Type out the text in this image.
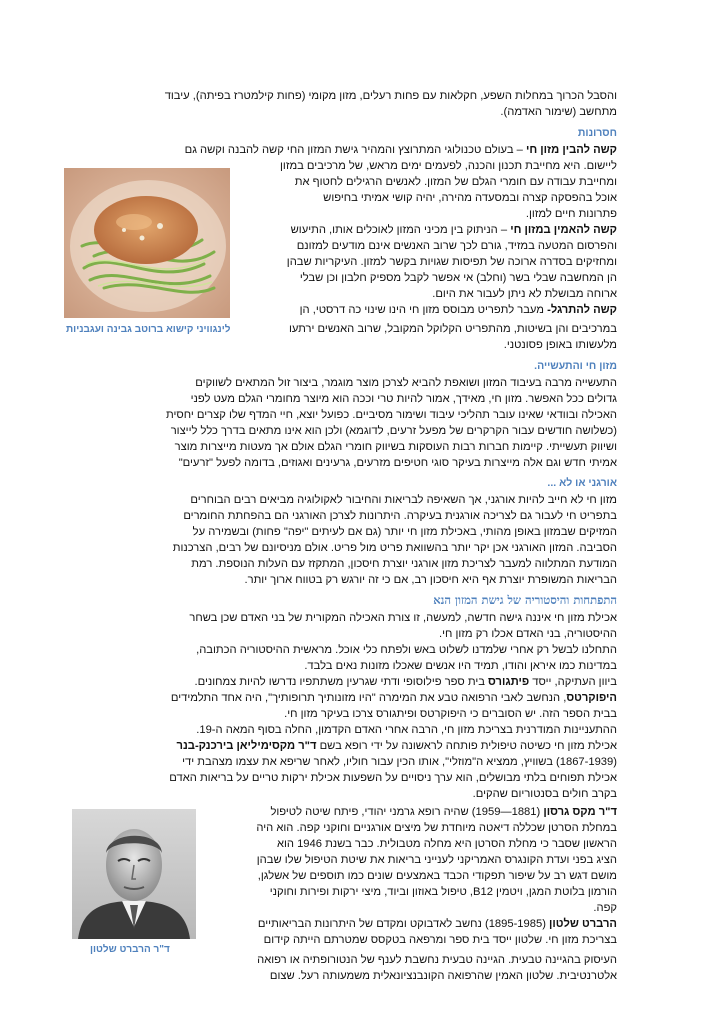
והסבל הכרוך במחלות השפע, חקלאות עם פחות רעלים, מזון מקומי (פחות קילמטרז בפיתה), עיבוד
מתחשב (שימור האדמה).
חסרונות
קשה להבין מזון חי – בעולם טכנולוגי המתרוצץ והמהיר גישת המזון החי קשה להבנה וקשה גם
ליישום. היא מחייבת תכנון והכנה, לפעמים ימים מראש, של מרכיבים במזון
ומחייבת עבודה עם חומרי הגלם של המזון. לאנשים הרגילים לחטוף את
אוכל בהפסקה קצרה ובמסעדה מהירה, יהיה קושי אמיתי בחיפוש
פתרונות חיים למזון.
קשה להאמין במזון חי – הניתוק בין מכיני המזון לאוכלים אותו, התיעוש
והפרסום המטעה במזיד, גורם לכך שרוב האנשים אינם מודעים למזונם
ומחזיקים בסדרה ארוכה של תפיסות שגויות בקשר למזון. העיקריות שבהן
הן המחשבה שבלי בשר (וחלב) אי אפשר לקבל מספיק חלבון וכן שבלי
ארוחה מבושלת לא ניתן לעבור את היום.
קשה להתרגל- מעבר לתפריט מבוסס מזון חי הינו שינוי כה דרסטי, הן
במרכיבים והן בשיטות, מהתפריט הקלוקל המקובל, שרוב האנשים ירתעו
מלעשותו באופן פסונטני.
לינגוויני קישוא ברוטב גבינה ועגבניות
מזון חי והתעשייה.
התעשייה מרבה בעיבוד המזון ושואפת להביא לצרכן מוצר מוגמר, ביצור זול המתאים לשווקים
גדולים ככל האפשר. מזון חי, מאידך, אמור להיות טרי וככה הוא מיוצר מחומרי הגלם מעט לפני
האכילה ובוודאי שאינו עובר תהליכי עיבוד ושימור מסיביים. כפועל יוצא, חיי המדף שלו קצרים יחסית
(כשלושה חודשים עבור הקרקרים של מפעל זרעים, לדוגמא) ולכן הוא אינו מתאים בדרך כלל לייצור
ושיווק תעשייתי. קיימות חברות רבות העוסקות בשיווק חומרי הגלם אולם אך מעטות מייצרות מוצר
אמיתי חדש וגם אלה מייצרות בעיקר סוגי חטיפים מזרעים, גרעינים ואגוזים, בדומה לפעל "זרעים"
אורגני או לא ...
מזון חי לא חייב להיות אורגני, אך השאיפה לבריאות והחיבור לאקולוגיה מביאים רבים הבוחרים
בתפריט חי לעבור גם לצריכה אורגנית בעיקרה. היתרונות לצרכן האורגני הם בהפחתת החומרים
המזיקים שבמזון באופן מהותי, באכילת מזון חי יותר (גם אם לעיתים "יפה" פחות) ובשמירה על
הסביבה. המזון האורגני אכן יקר יותר בהשוואת פריט מול פריט. אולם מניסיונם של רבים, הצרכנות
המודעת המתלווה למעבר לצריכת מזון אורגני יוצרת חיסכון, המתקזז עם העלות הנוספת. רמת
הבריאות המשופרת יוצרת אף היא חיסכון רב, אם כי זה יורגש רק בטווח ארוך יותר.
התפתחות והיסטוריה של גישת המזון הנא
אכילת מזון חי איננה גישה חדשה, למעשה, זו צורת האכילה המקורית של בני האדם שכן בשחר
ההיסטוריה, בני האדם אכלו רק מזון חי.
התחלנו לבשל רק אחרי שלמדנו לשלוט באש ולפתח כלי אוכל. מראשית ההיסטוריה הכתובה,
במדינות כמו איראן והודו, תמיד היו אנשים שאכלו מזונות נאים בלבד.
ביוון העתיקה, ייסד פיתגורס בית ספר פילוסופי ודתי שגרעין משתתפיו נדרשו להיות צמחונים.
היפוקרטס, הנחשב לאבי הרפואה טבע את המימרה "היו מזונותיך תרופותיך", היה אחד התלמידים
בבית הספר הזה. יש הסוברים כי היפוקרטס ופיתגורס צרכו בעיקר מזון חי.
ההתעניינות המודרנית בצריכת מזון חי, הרבה אחרי האדם הקדמון, החלה בסוף המאה ה-19.
אכילת מזון חי כשיטה טיפולית פותחה לראשונה על ידי רופא בשם ד"ר מקסימיליאן בירכנק-בנר
(1867-1939) בשוויץ, ממציא ה"מוזלי", אותו הכין עבור חוליו, לאחר שריפא את עצמו מצהבת ידי
אכילת תפוחים בלתי מבושלים, הוא ערך ניסויים על השפעות אכילת ירקות טריים על בריאות האדם
בקרב חולים בסנטוריום שהקים.
ד"ר מקס גרסון (1881—1959) שהיה רופא גרמני יהודי, פיתח שיטה לטיפול
במחלת הסרטן שכללה דיאטה מיוחדת של מיצים אורגניים וחוקני קפה. הוא היה
הראשון שסבר כי מחלת הסרטן היא מחלה מטבולית. כבר בשנת 1946 הוא
הציג בפני ועדת הקונגרס האמריקני לענייני בריאות את שיטת הטיפול שלו שבהן
מושם דגש רב על שיפור תפקודי הכבד באמצעים שונים כמו תוספים של אשלגן,
הורמון בלוטת המגן, ויטמין B12, טיפול באוזון וביוד, מיצי ירקות ופירות וחוקני
קפה.
הרברט שלטון (1895-1985) נחשב לאדבוקט ומקדם של היתרונות הבריאותיים
בצריכת מזון חי. שלטון ייסד בית ספר ומרפאה בטקסס שמטרתם הייתה קידום
העיסוק בהגיינה טבעית. הגיינה טבעית נחשבת לענף של הנטורופתיה או רפואה
אלטרנטיבית. שלטון האמין שהרפואה הקונבנציונאלית משמעותה רעל. שצום
ד"ר הרברט שלטון
